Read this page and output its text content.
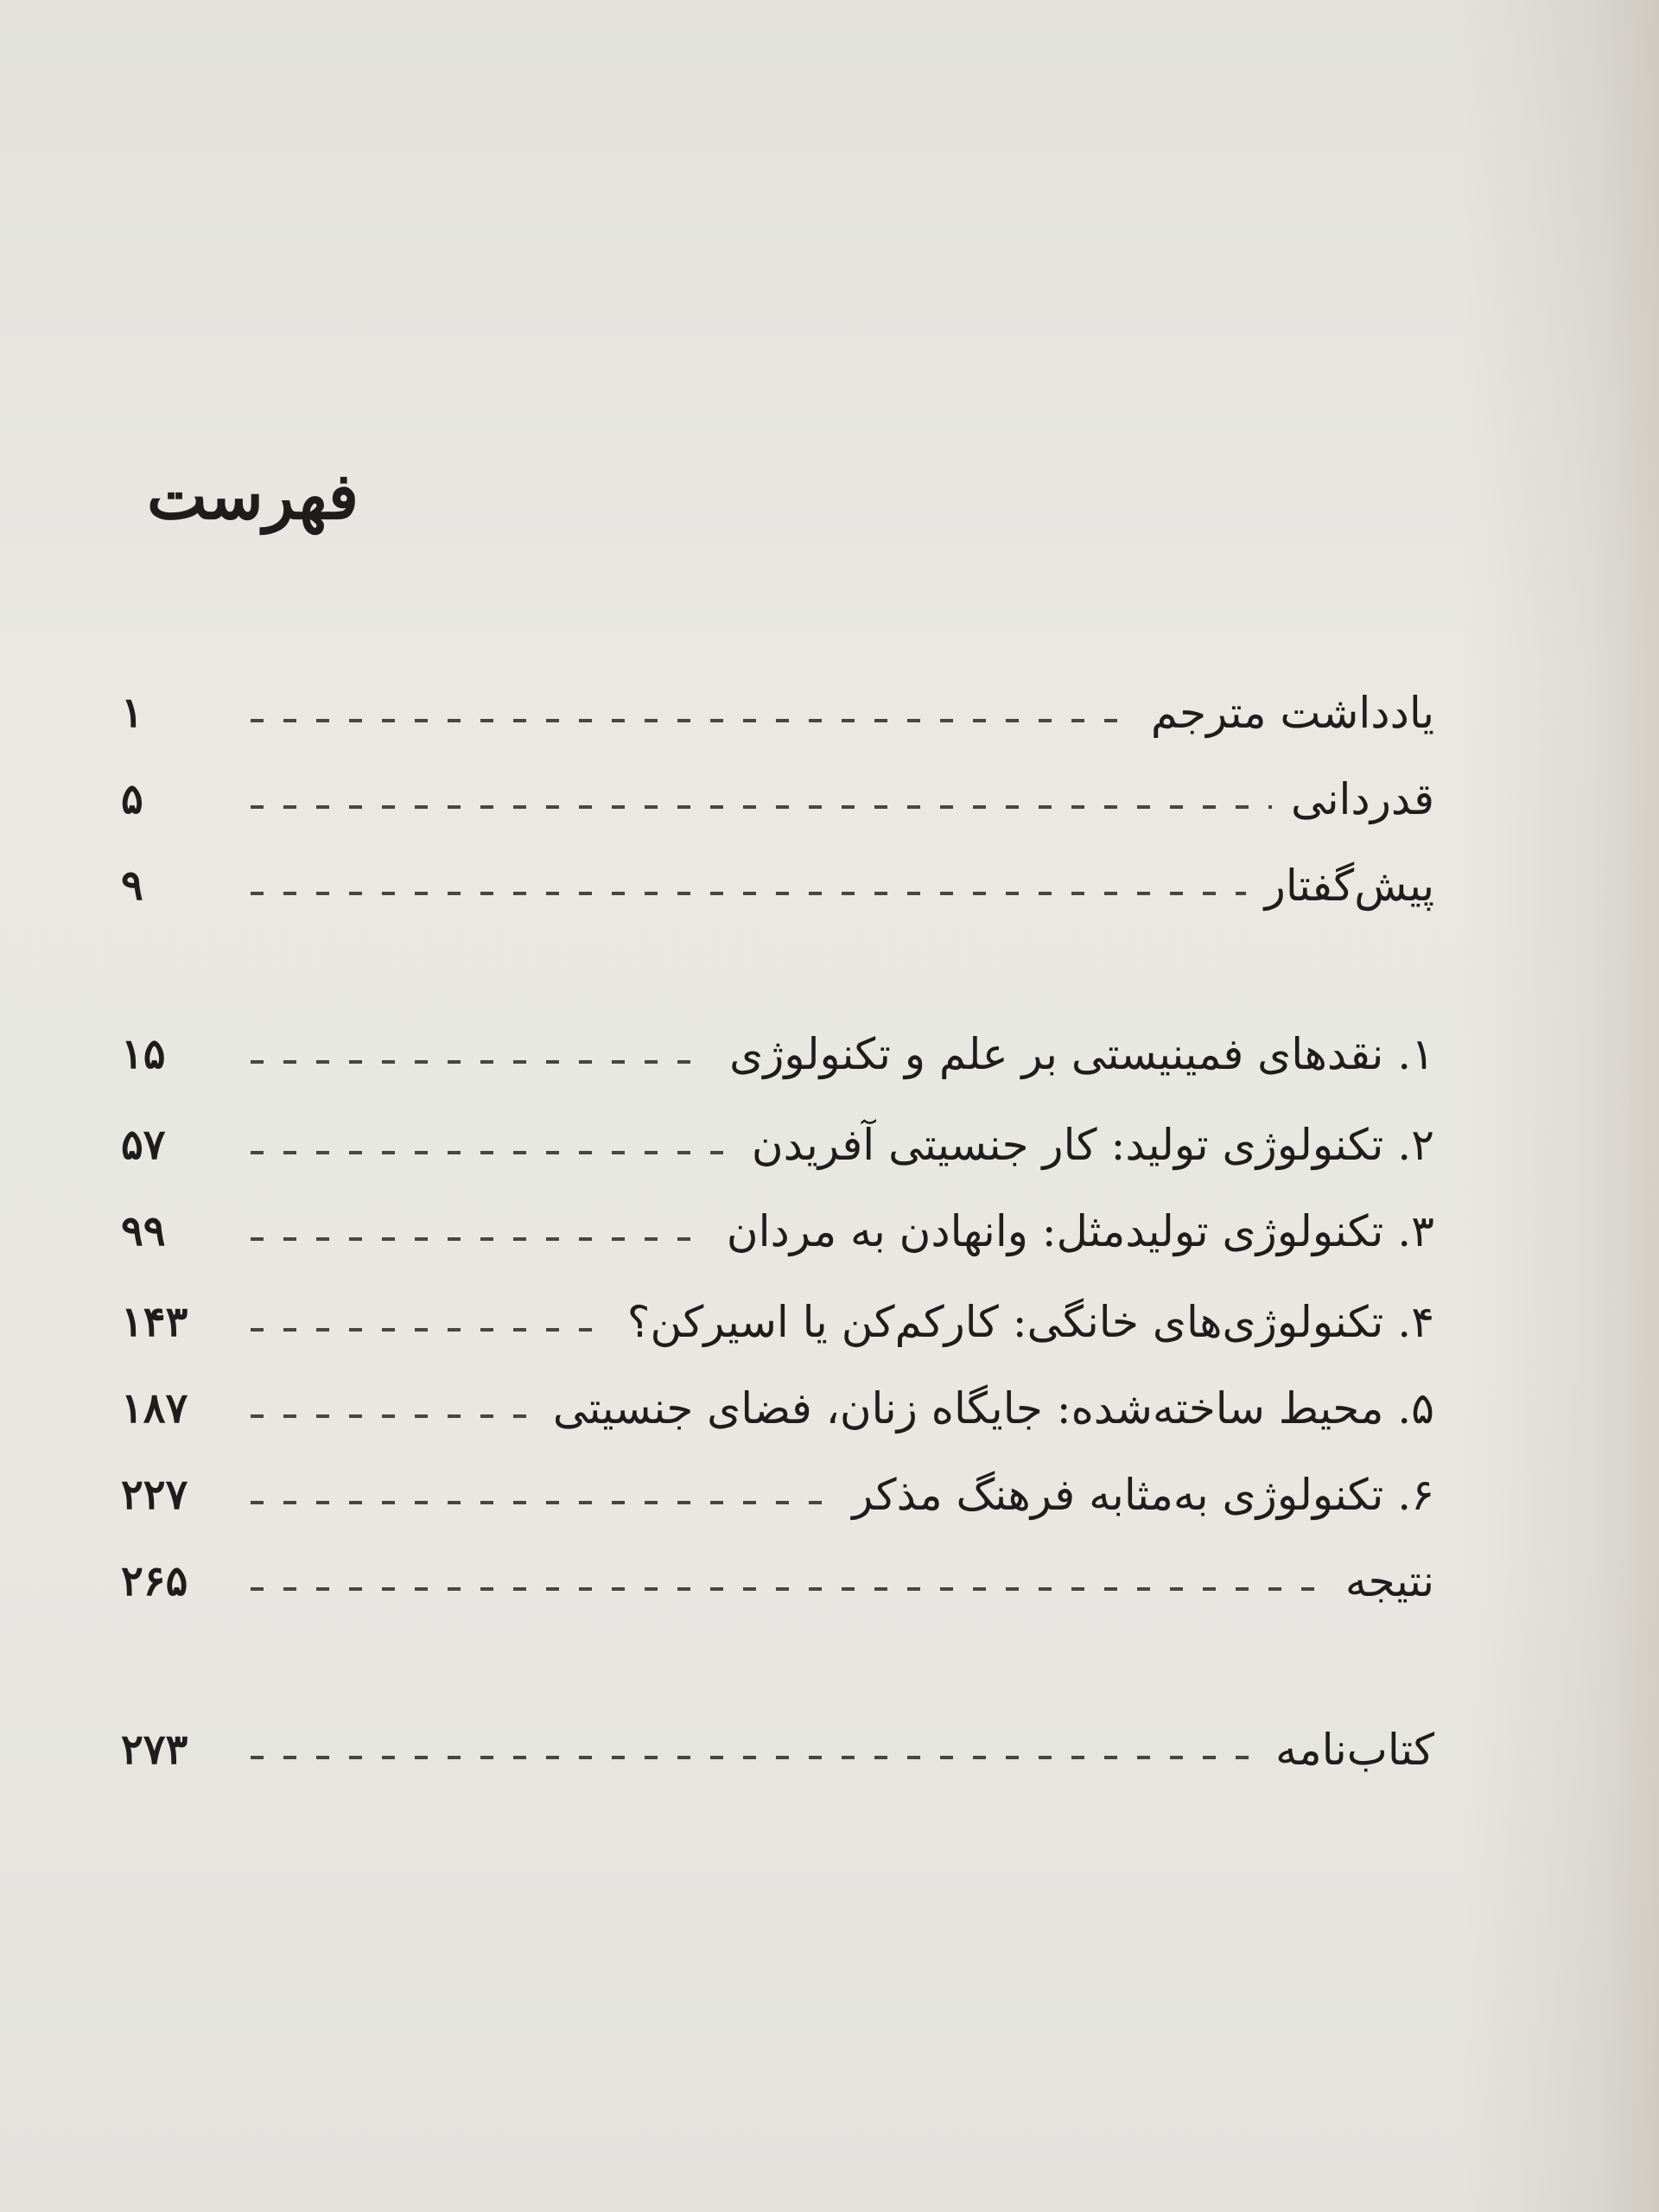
فهرست
یادداشت مترجم
۱
قدردانی
۵
پیش‌گفتار
۹
۱. نقدهای فمینیستی بر علم و تکنولوژی
۱۵
۲. تکنولوژی تولید: کار جنسیتی آفریدن
۵۷
۳. تکنولوژی تولیدمثل: وانهادن به مردان
۹۹
۴. تکنولوژی‌های خانگی: کارکم‌کن یا اسیرکن؟
۱۴۳
۵. محیط ساخته‌شده: جایگاه زنان، فضای جنسیتی
۱۸۷
۶. تکنولوژی به‌مثابه فرهنگ مذکر
۲۲۷
نتیجه
۲۶۵
کتاب‌نامه
۲۷۳
